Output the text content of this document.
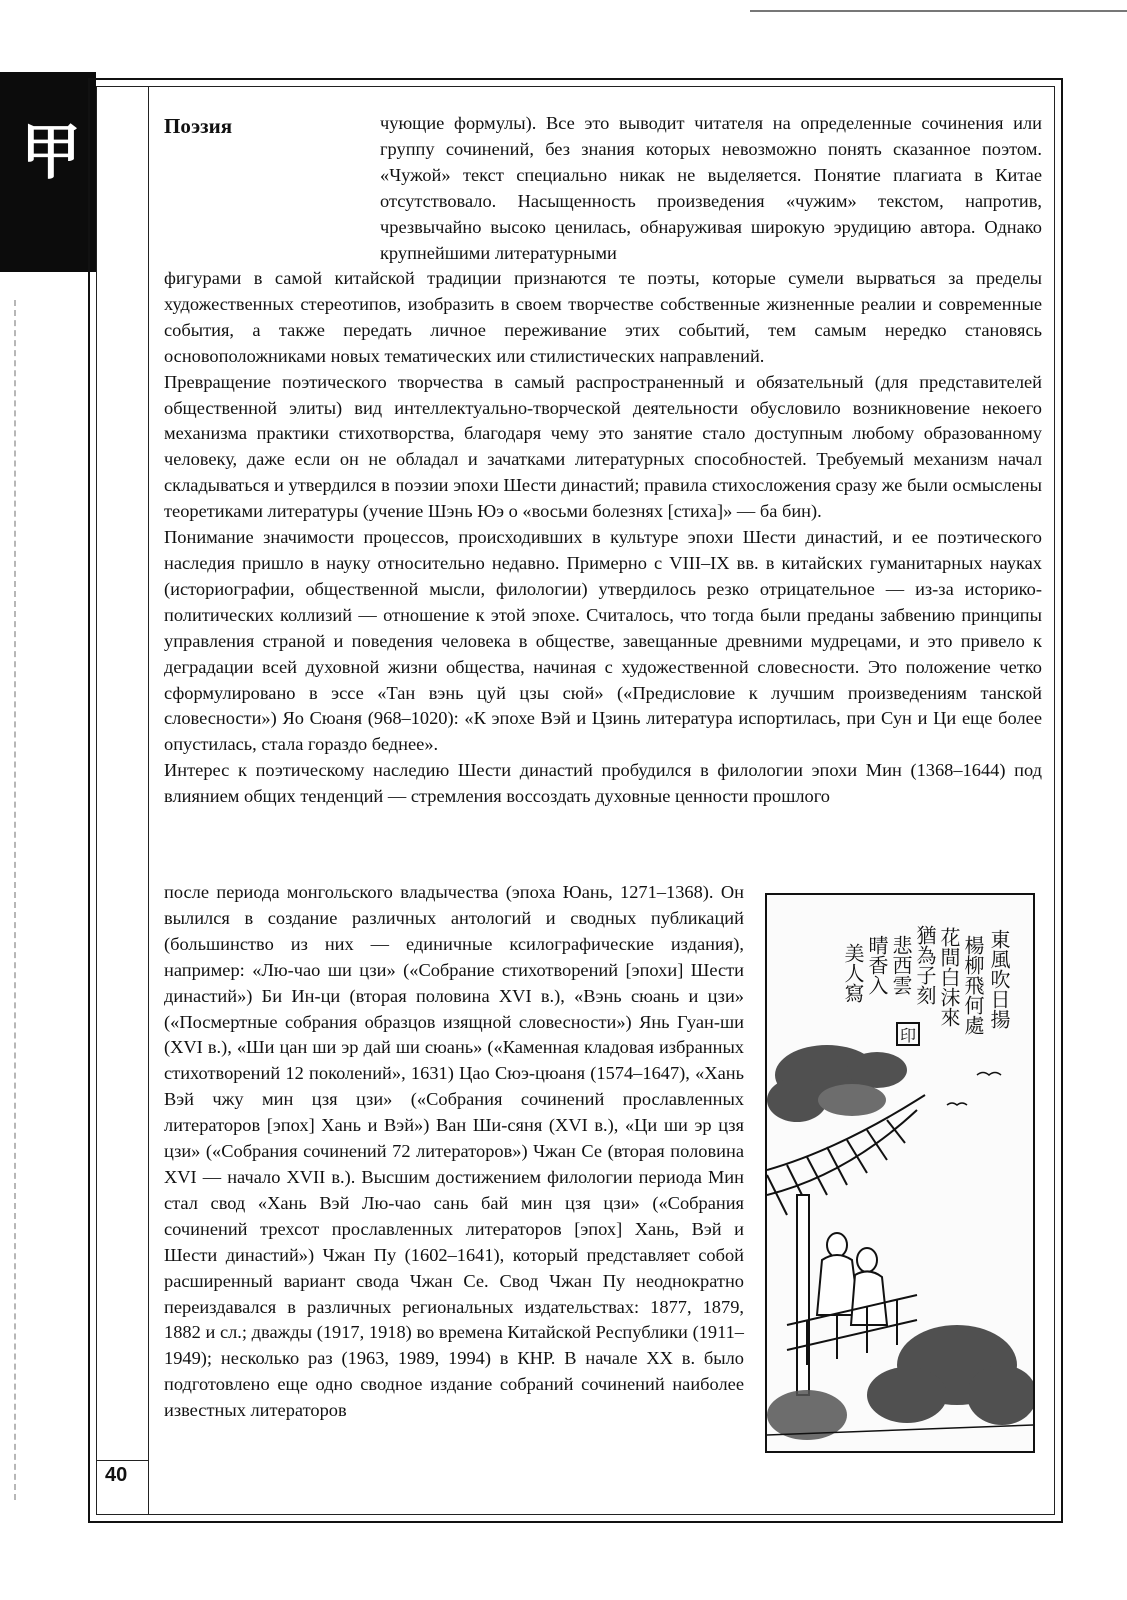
甲
40
Поэзия	чующие формулы). Все это выводит читателя на определенные сочинения или группу сочинений, без знания которых невозможно понять сказанное поэтом. «Чужой» текст специально никак не выделяется. Понятие плагиата в Китае отсутствовало. Насыщенность произведения «чужим» текстом, напротив, чрезвычайно высоко ценилась, обнаруживая широкую эрудицию автора. Однако крупнейшими литературными

фигурами в самой китайской традиции признаются те поэты, которые сумели вырваться за пределы художественных стереотипов, изобразить в своем творчестве собственные жизненные реалии и современные события, а также передать личное переживание этих событий, тем самым нередко становясь основоположниками новых тематических или стилистических направлений.

Превращение поэтического творчества в самый распространенный и обязательный (для представителей общественной элиты) вид интеллектуально-творческой деятельности обусловило возникновение некоего механизма практики стихотворства, благодаря чему это занятие стало доступным любому образованному человеку, даже если он не обладал и зачатками литературных способностей. Требуемый механизм начал складываться и утвердился в поэзии эпохи Шести династий; правила стихосложения сразу же были осмыслены теоретиками литературы (учение Шэнь Юэ о «восьми болезнях [стиха]» — ба бин).

Понимание значимости процессов, происходивших в культуре эпохи Шести династий, и ее поэтического наследия пришло в науку относительно недавно. Примерно с VIII–IX вв. в китайских гуманитарных науках (историографии, общественной мысли, филологии) утвердилось резко отрицательное — из-за историко-политических коллизий — отношение к этой эпохе. Считалось, что тогда были преданы забвению принципы управления страной и поведения человека в обществе, завещанные древними мудрецами, и это привело к деградации всей духовной жизни общества, начиная с художественной словесности. Это положение четко сформулировано в эссе «Тан вэнь цуй цзы сюй» («Предисловие к лучшим произведениям танской словесности») Яо Сюаня (968–1020): «К эпохе Вэй и Цзинь литература испортилась, при Сун и Ци еще более опустилась, стала гораздо беднее».

Интерес к поэтическому наследию Шести династий пробудился в филологии эпохи Мин (1368–1644) под влиянием общих тенденций — стремления воссоздать духовные ценности прошлого

после периода монгольского владычества (эпоха Юань, 1271–1368). Он вылился в создание различных антологий и сводных публикаций (большинство из них — единичные ксилографические издания), например: «Лю-чао ши цзи» («Собрание стихотворений [эпохи] Шести династий») Би Ин-ци (вторая половина XVI в.), «Вэнь сюань и цзи» («Посмертные собрания образцов изящной словесности») Янь Гуан-ши (XVI в.), «Ши цан ши эр дай ши сюань» («Каменная кладовая избранных стихотворений 12 поколений», 1631) Цао Сюэ-цюаня (1574–1647), «Хань Вэй чжу мин цзя цзи» («Собрания сочинений прославленных литераторов [эпох] Хань и Вэй») Ван Ши-сяня (XVI в.), «Ци ши эр цзя цзи» («Собрания сочинений 72 литераторов») Чжан Се (вторая половина XVI — начало XVII в.). Высшим достижением филологии периода Мин стал свод «Хань Вэй Лю-чао сань бай мин цзя цзи» («Собрания сочинений трехсот прославленных литераторов [эпох] Хань, Вэй и Шести династий») Чжан Пу (1602–1641), который представляет собой расширенный вариант свода Чжан Се. Свод Чжан Пу неоднократно переиздавался в различных региональных издательствах: 1877, 1879, 1882 и сл.; дважды (1917, 1918) во времена Китайской Республики (1911–1949); несколько раз (1963, 1989, 1994) в КНР. В начале XX в. было подготовлено еще одно сводное издание собраний сочинений наиболее известных литераторов

東風吹日揚
楊柳飛何處
花間白沫來
猶為子刻
悲西雲
晴香入
美人寫
印
